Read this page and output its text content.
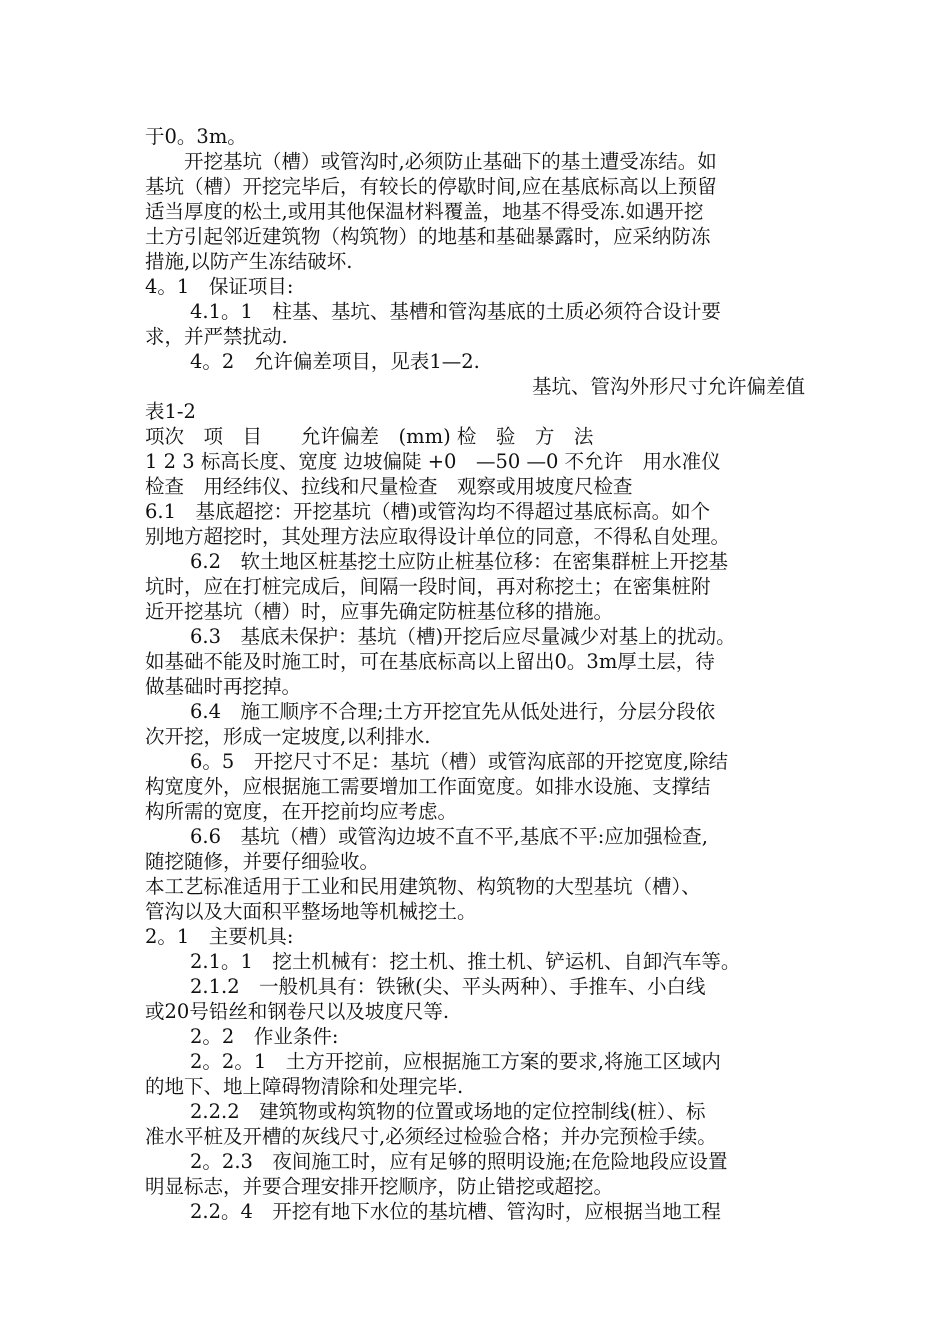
于0。3m。
开挖基坑（槽）或管沟时,必须防止基础下的基土遭受冻结。如
基坑（槽）开挖完毕后，有较长的停歇时间,应在基底标高以上预留
适当厚度的松土,或用其他保温材料覆盖，地基不得受冻.如遇开挖
土方引起邻近建筑物（构筑物）的地基和基础暴露时，应采纳防冻
措施,以防产生冻结破坏.
4。1　保证项目:
4.1。1　柱基、基坑、基槽和管沟基底的土质必须符合设计要
求，并严禁扰动.
4。2　允许偏差项目，见表1—2.
基坑、管沟外形尺寸允许偏差值
表1-2
项次　项　目　　允许偏差　(mm) 检　验　方　法
1 2 3 标高长度、宽度 边坡偏陡 +0　—50 —0 不允许　用水准仪
检查　用经纬仪、拉线和尺量检查　观察或用坡度尺检查
6.1　基底超挖：开挖基坑（槽)或管沟均不得超过基底标高。如个
别地方超挖时，其处理方法应取得设计单位的同意，不得私自处理。
6.2　软土地区桩基挖土应防止桩基位移：在密集群桩上开挖基
坑时，应在打桩完成后，间隔一段时间，再对称挖土；在密集桩附
近开挖基坑（槽）时，应事先确定防桩基位移的措施。
6.3　基底未保护：基坑（槽)开挖后应尽量减少对基上的扰动。
如基础不能及时施工时，可在基底标高以上留出0。3m厚土层，待
做基础时再挖掉。
6.4　施工顺序不合理;土方开挖宜先从低处进行，分层分段依
次开挖，形成一定坡度,以利排水.
6。5　开挖尺寸不足：基坑（槽）或管沟底部的开挖宽度,除结
构宽度外，应根据施工需要增加工作面宽度。如排水设施、支撑结
构所需的宽度，在开挖前均应考虑。
6.6　基坑（槽）或管沟边坡不直不平,基底不平:应加强检查,
随挖随修，并要仔细验收。
本工艺标准适用于工业和民用建筑物、构筑物的大型基坑（槽）、
管沟以及大面积平整场地等机械挖土。
2。1　主要机具:
2.1。1　挖土机械有：挖土机、推土机、铲运机、自卸汽车等。
2.1.2　一般机具有：铁锹(尖、平头两种）、手推车、小白线
或20号铅丝和钢卷尺以及坡度尺等.
2。2　作业条件:
2。2。1　土方开挖前，应根据施工方案的要求,将施工区域内
的地下、地上障碍物清除和处理完毕.
2.2.2　建筑物或构筑物的位置或场地的定位控制线(桩）、标
准水平桩及开槽的灰线尺寸,必须经过检验合格；并办完预检手续。
2。2.3　夜间施工时，应有足够的照明设施;在危险地段应设置
明显标志，并要合理安排开挖顺序，防止错挖或超挖。
2.2。4　开挖有地下水位的基坑槽、管沟时，应根据当地工程
